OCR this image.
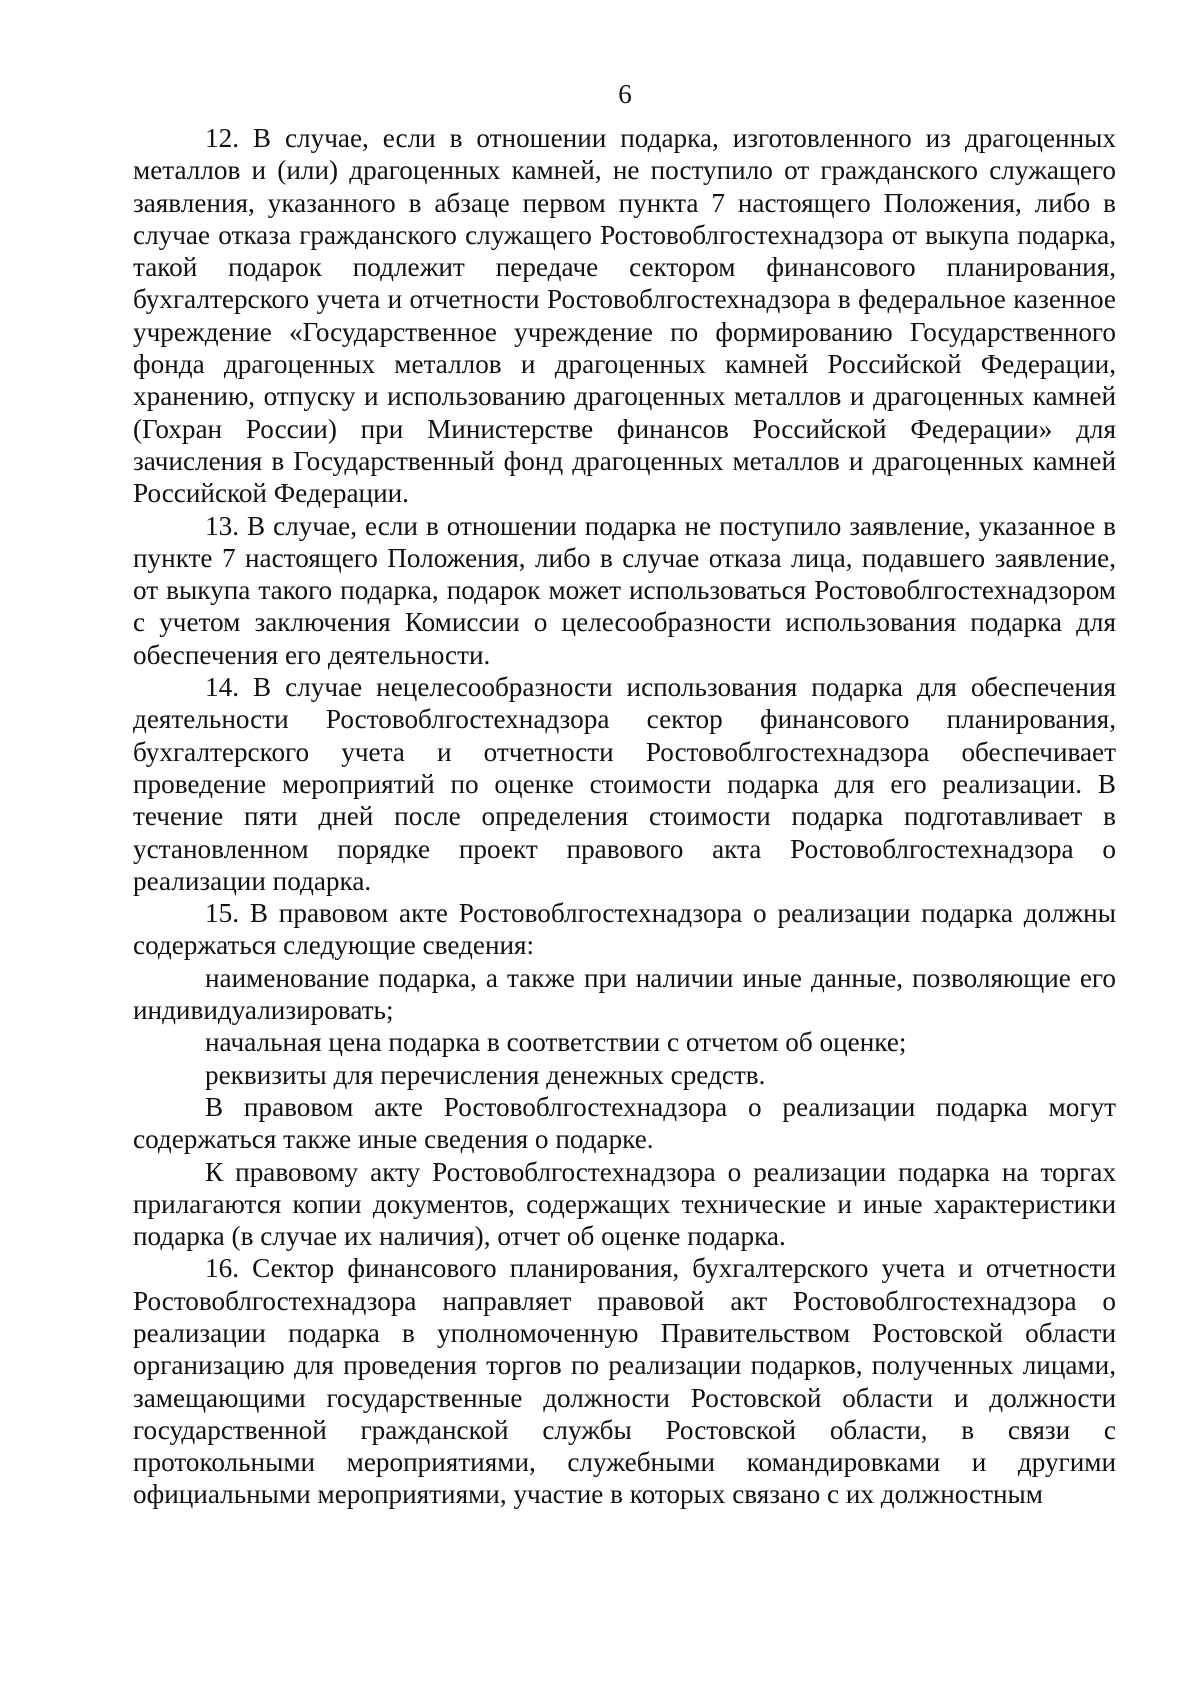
6

12. В случае, если в отношении подарка, изготовленного из драгоценных металлов и (или) драгоценных камней, не поступило от гражданского служащего заявления, указанного в абзаце первом пункта 7 настоящего Положения, либо в случае отказа гражданского служащего Ростовоблгостехнадзора от выкупа подарка, такой подарок подлежит передаче сектором финансового планирования, бухгалтерского учета и отчетности Ростовоблгостехнадзора в федеральное казенное учреждение «Государственное учреждение по формированию Государственного фонда драгоценных металлов и драгоценных камней Российской Федерации, хранению, отпуску и использованию драгоценных металлов и драгоценных камней (Гохран России) при Министерстве финансов Российской Федерации» для зачисления в Государственный фонд драгоценных металлов и драгоценных камней Российской Федерации.

13. В случае, если в отношении подарка не поступило заявление, указанное в пункте 7 настоящего Положения, либо в случае отказа лица, подавшего заявление, от выкупа такого подарка, подарок может использоваться Ростовоблгостехнадзором с учетом заключения Комиссии о целесообразности использования подарка для обеспечения его деятельности.

14. В случае нецелесообразности использования подарка для обеспечения деятельности Ростовоблгостехнадзора сектор финансового планирования, бухгалтерского учета и отчетности Ростовоблгостехнадзора обеспечивает проведение мероприятий по оценке стоимости подарка для его реализации. В течение пяти дней после определения стоимости подарка подготавливает в установленном порядке проект правового акта Ростовоблгостехнадзора о реализации подарка.

15. В правовом акте Ростовоблгостехнадзора о реализации подарка должны содержаться следующие сведения:

наименование подарка, а также при наличии иные данные, позволяющие его индивидуализировать;

начальная цена подарка в соответствии с отчетом об оценке;

реквизиты для перечисления денежных средств.

В правовом акте Ростовоблгостехнадзора о реализации подарка могут содержаться также иные сведения о подарке.

К правовому акту Ростовоблгостехнадзора о реализации подарка на торгах прилагаются копии документов, содержащих технические и иные характеристики подарка (в случае их наличия), отчет об оценке подарка.

16. Сектор финансового планирования, бухгалтерского учета и отчетности Ростовоблгостехнадзора направляет правовой акт Ростовоблгостехнадзора о реализации подарка в уполномоченную Правительством Ростовской области организацию для проведения торгов по реализации подарков, полученных лицами, замещающими государственные должности Ростовской области и должности государственной гражданской службы Ростовской области, в связи с протокольными мероприятиями, служебными командировками и другими официальными мероприятиями, участие в которых связано с их должностным
